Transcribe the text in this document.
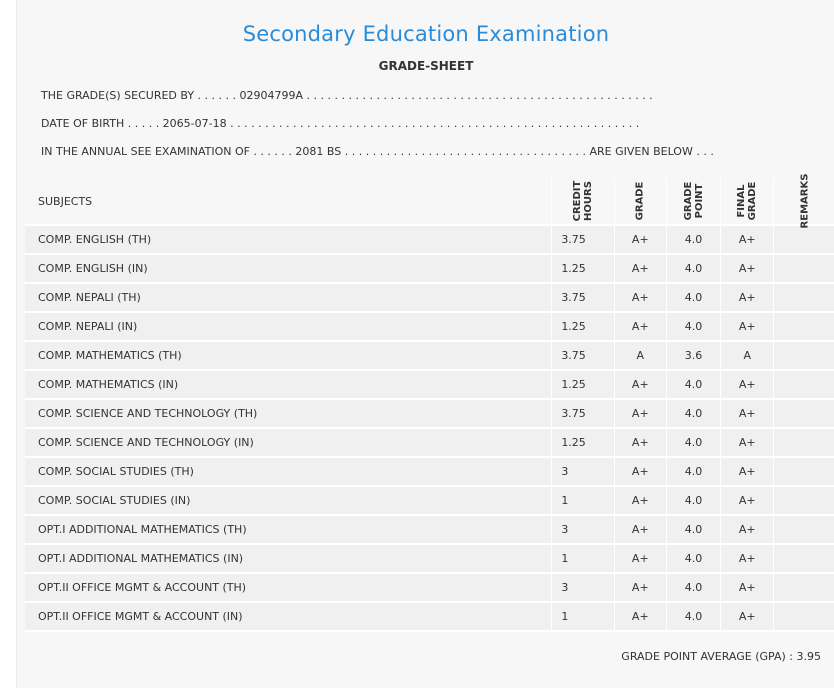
Secondary Education Examination
GRADE-SHEET
THE GRADE(S) SECURED BY . . . . . . 02904799A . . . . . . . . . . . . . . . . . . . . . . . . . . . . . . . . . . . . . . . . . . . . . . . . . .
DATE OF BIRTH . . . . . 2065-07-18 . . . . . . . . . . . . . . . . . . . . . . . . . . . . . . . . . . . . . . . . . . . . . . . . . . . . . . . . . . .
IN THE ANNUAL SEE EXAMINATION OF . . . . . . 2081 BS . . . . . . . . . . . . . . . . . . . . . . . . . . . . . . . . . . . ARE GIVEN BELOW . . .
SUBJECTS	CREDIT HOURS	GRADE	GRADE POINT	FINAL GRADE	REMARKS

COMP. ENGLISH (TH)	3.75	A+	4.0	A+	
COMP. ENGLISH (IN)	1.25	A+	4.0	A+	
COMP. NEPALI (TH)	3.75	A+	4.0	A+	
COMP. NEPALI (IN)	1.25	A+	4.0	A+	
COMP. MATHEMATICS (TH)	3.75	A	3.6	A	
COMP. MATHEMATICS (IN)	1.25	A+	4.0	A+	
COMP. SCIENCE AND TECHNOLOGY (TH)	3.75	A+	4.0	A+	
COMP. SCIENCE AND TECHNOLOGY (IN)	1.25	A+	4.0	A+	
COMP. SOCIAL STUDIES (TH)	3	A+	4.0	A+	
COMP. SOCIAL STUDIES (IN)	1	A+	4.0	A+	
OPT.I ADDITIONAL MATHEMATICS (TH)	3	A+	4.0	A+	
OPT.I ADDITIONAL MATHEMATICS (IN)	1	A+	4.0	A+	
OPT.II OFFICE MGMT & ACCOUNT (TH)	3	A+	4.0	A+	
OPT.II OFFICE MGMT & ACCOUNT (IN)	1	A+	4.0	A+	
GRADE POINT AVERAGE (GPA) : 3.95
